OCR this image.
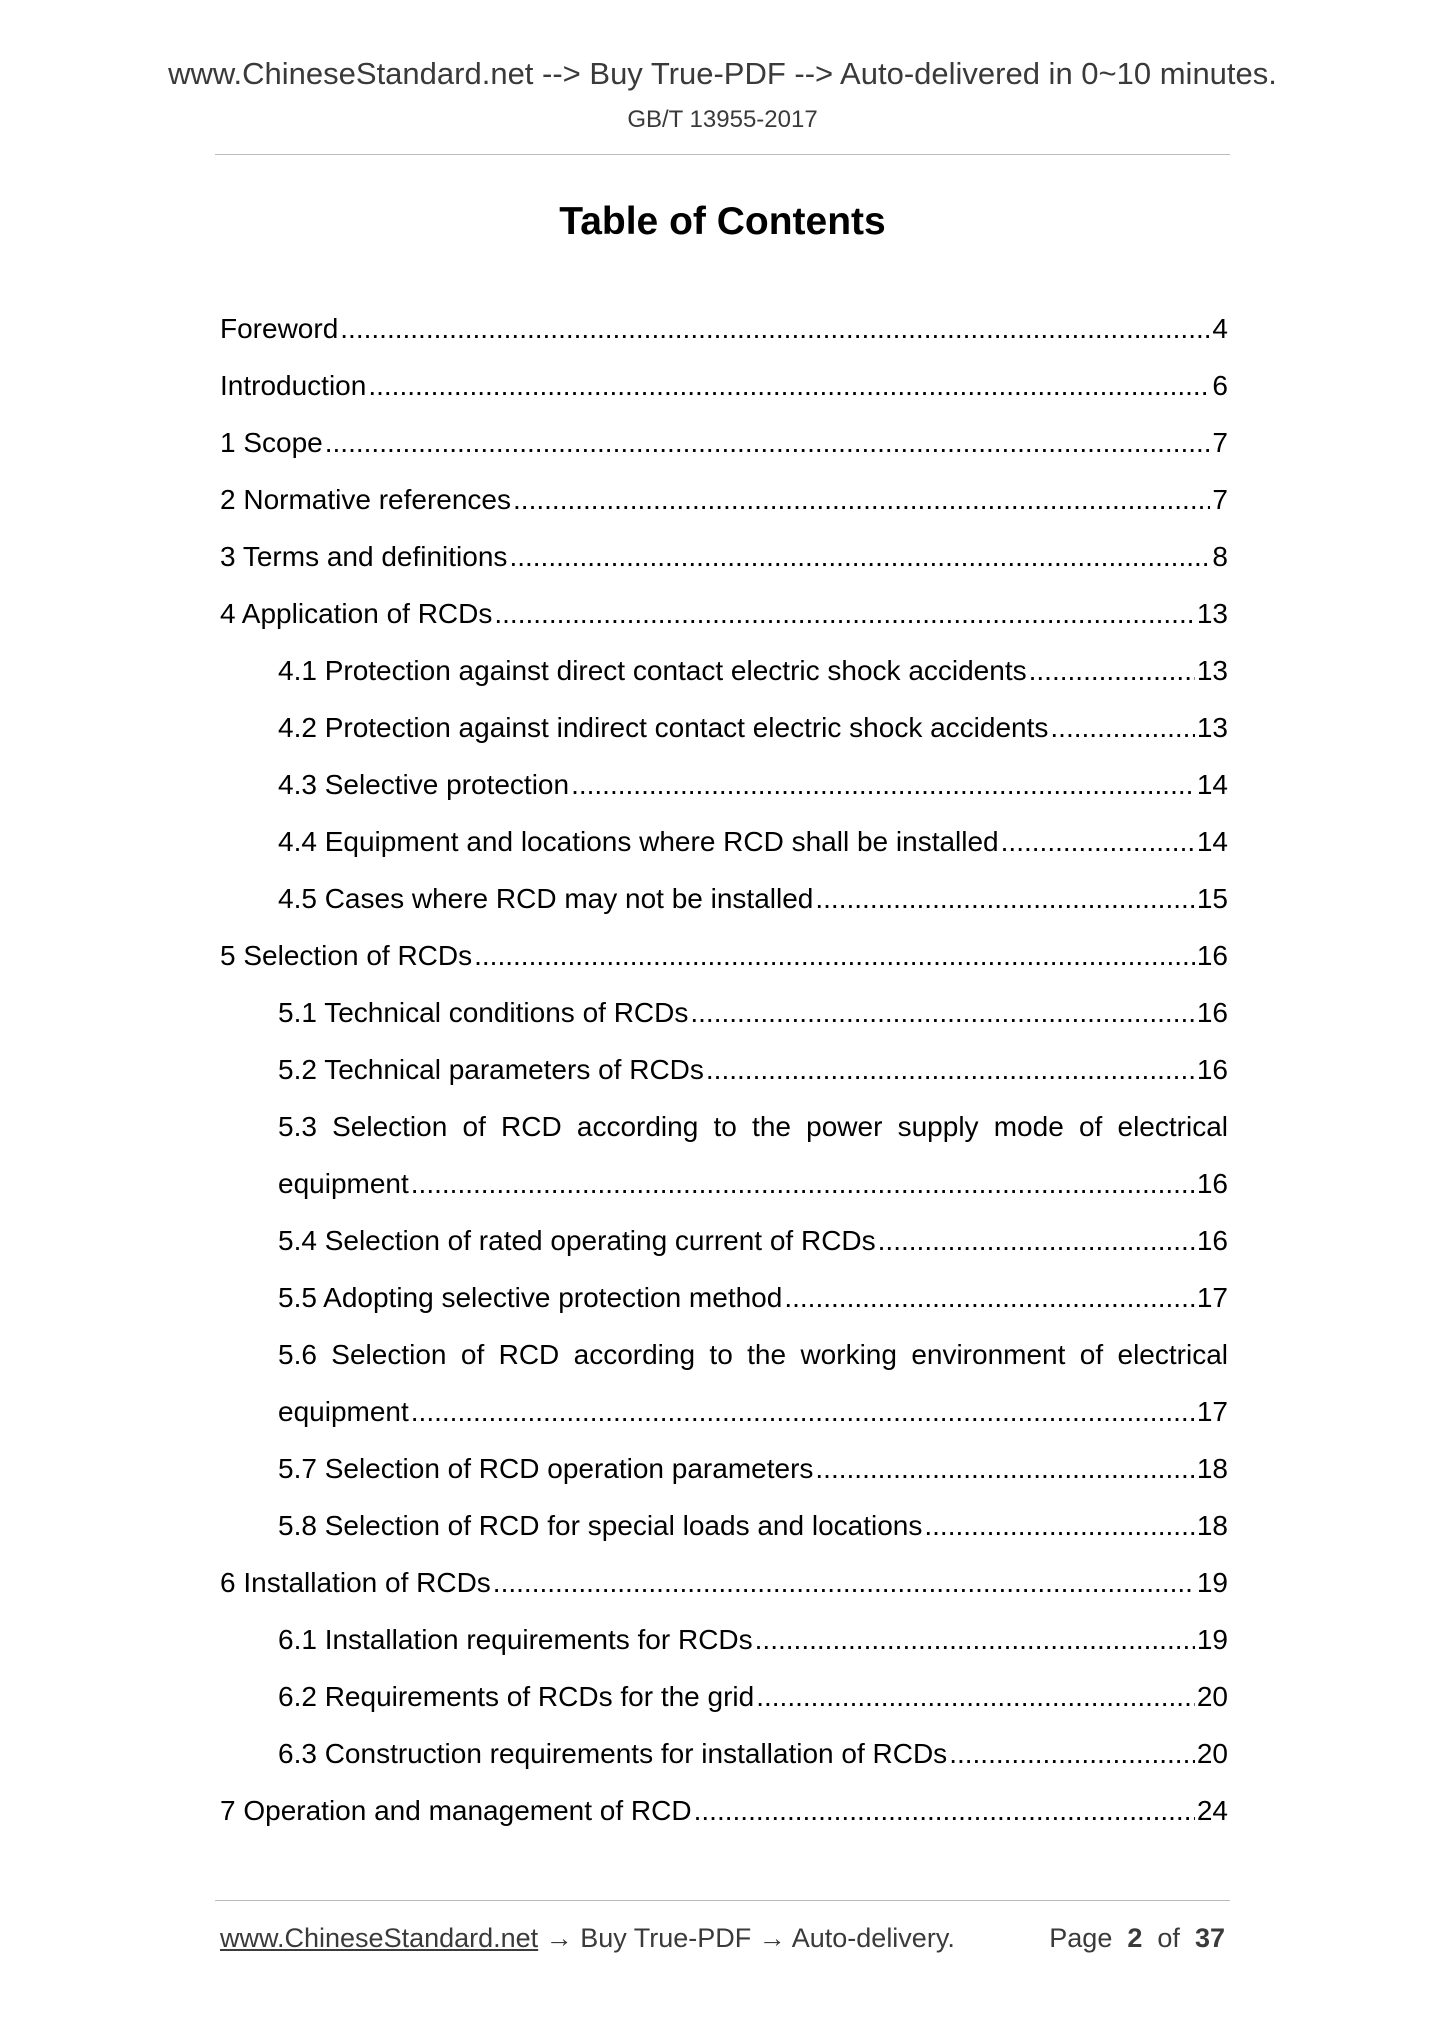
www.ChineseStandard.net --> Buy True-PDF --> Auto-delivered in 0~10 minutes.
GB/T 13955-2017
Table of Contents
Foreword .....	4
Introduction .....	6
1 Scope .....	7
2 Normative references .....	7
3 Terms and definitions .....	8
4 Application of RCDs .....	13
4.1 Protection against direct contact electric shock accidents .....	13
4.2 Protection against indirect contact electric shock accidents .....	13
4.3 Selective protection .....	14
4.4 Equipment and locations where RCD shall be installed .....	14
4.5 Cases where RCD may not be installed .....	15
5 Selection of RCDs .....	16
5.1 Technical conditions of RCDs .....	16
5.2 Technical parameters of RCDs .....	16
5.3 Selection of RCD according to the power supply mode of electrical
equipment .....	16
5.4 Selection of rated operating current of RCDs .....	16
5.5 Adopting selective protection method .....	17
5.6 Selection of RCD according to the working environment of electrical
equipment .....	17
5.7 Selection of RCD operation parameters .....	18
5.8 Selection of RCD for special loads and locations .....	18
6 Installation of RCDs .....	19
6.1 Installation requirements for RCDs .....	19
6.2 Requirements of RCDs for the grid .....	20
6.3 Construction requirements for installation of RCDs .....	20
7 Operation and management of RCD .....	24
www.ChineseStandard.net → Buy True-PDF → Auto-delivery.	Page 2 of 37
